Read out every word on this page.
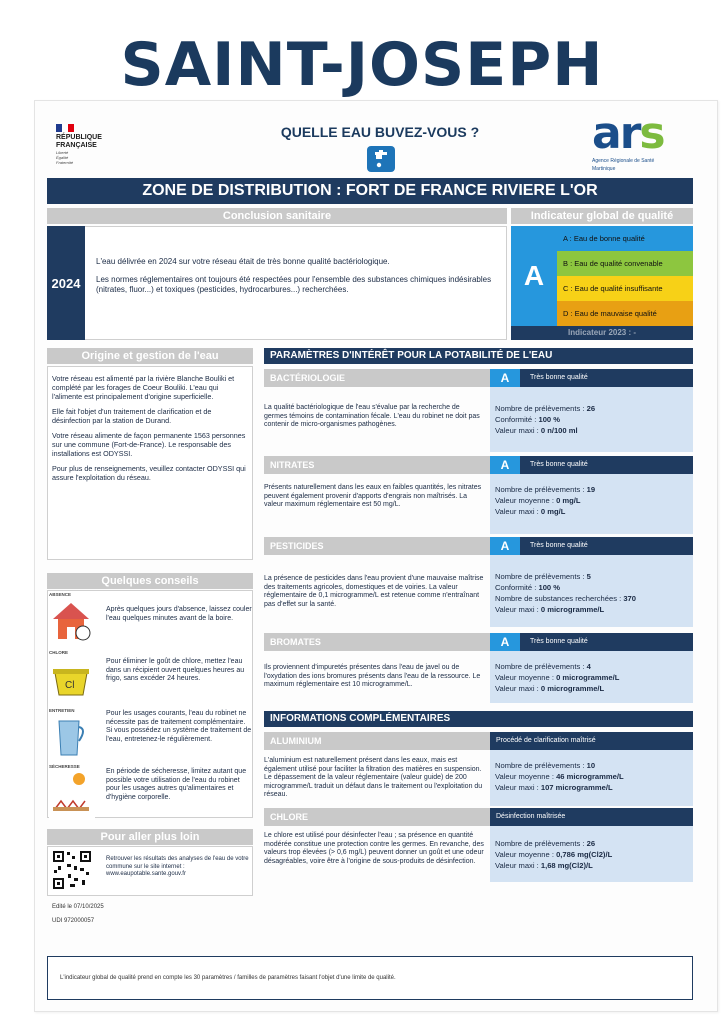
SAINT-JOSEPH
RÉPUBLIQUE
FRANÇAISE
Liberté
Égalité
Fraternité
QUELLE EAU BUVEZ-VOUS ?	ars
Agence Régionale de Santé
Martinique
ZONE DE DISTRIBUTION : FORT DE FRANCE RIVIERE L'OR
Conclusion sanitaire	Indicateur global de qualité
2024

L'eau délivrée en 2024 sur votre réseau était de très bonne qualité bactériologique.

Les normes réglementaires ont toujours été respectées pour l'ensemble des substances chimiques indésirables (nitrates, fluor...) et toxiques (pesticides, hydrocarbures...) recherchées.	A
A : Eau de bonne qualité
B : Eau de qualité convenable
C : Eau de qualité insuffisante
D : Eau de mauvaise qualité
Indicateur 2023 : -
Origine et gestion de l'eau

Votre réseau est alimenté par la rivière Blanche Bouliki et complété par les forages de Coeur Bouliki. L'eau qui l'alimente est principalement d'origine superficielle.

Elle fait l'objet d'un traitement de clarification et de désinfection par la station de Durand.

Votre réseau alimente de façon permanente 1563 personnes sur une commune (Fort-de-France). Le responsable des installations est ODYSSI.

Pour plus de renseignements, veuillez contacter ODYSSI qui assure l'exploitation du réseau.

Quelques conseils
ABSENCE
Après quelques jours d'absence, laissez couler l'eau quelques minutes avant de la boire.
CHLORE
Cl
Pour éliminer le goût de chlore, mettez l'eau dans un récipient ouvert quelques heures au frigo, sans excéder 24 heures.
ENTRETIEN	Pour les usages courants, l'eau du robinet ne nécessite pas de traitement complémentaire. Si vous possédez un système de traitement de l'eau, entretenez-le régulièrement.
SÉCHERESSE
En période de sécheresse, limitez autant que possible votre utilisation de l'eau du robinet pour les usages autres qu'alimentaires et d'hygiène corporelle.
Pour aller plus loin
Retrouver les résultats des analyses de l'eau de votre commune sur le site internet : www.eaupotable.sante.gouv.fr
Edité le 07/10/2025
UDI 972000057
PARAMÈTRES D'INTÉRÊT POUR LA POTABILITÉ DE L'EAU
BACTÉRIOLOGIE	A	Très bonne qualité
La qualité bactériologique de l'eau s'évalue par la recherche de germes témoins de contamination fécale. L'eau du robinet ne doit pas contenir de micro-organismes pathogènes.
Nombre de prélèvements : 26
Conformité : 100 %
Valeur maxi : 0 n/100 ml
NITRATES	A	Très bonne qualité
Présents naturellement dans les eaux en faibles quantités, les nitrates peuvent également provenir d'apports d'engrais non maîtrisés. La valeur maximum réglementaire est 50 mg/L.
Nombre de prélèvements : 19
Valeur moyenne : 0 mg/L
Valeur maxi : 0 mg/L
PESTICIDES	A	Très bonne qualité
La présence de pesticides dans l'eau provient d'une mauvaise maîtrise des traitements agricoles, domestiques et de voiries. La valeur réglementaire de 0,1 microgramme/L est retenue comme n'entraînant pas d'effet sur la santé.
Nombre de prélèvements : 5
Conformité : 100 %
Nombre de substances recherchées : 370
Valeur maxi : 0 microgramme/L
BROMATES	A	Très bonne qualité
Ils proviennent d'impuretés présentes dans l'eau de javel ou de l'oxydation des ions bromures présents dans l'eau de la ressource. Le maximum réglementaire est 10 microgramme/L.
Nombre de prélèvements : 4
Valeur moyenne : 0 microgramme/L
Valeur maxi : 0 microgramme/L
INFORMATIONS COMPLÉMENTAIRES
ALUMINIUM	Procédé de clarification maîtrisé
L'aluminium est naturellement présent dans les eaux, mais est également utilisé pour faciliter la filtration des matières en suspension. Le dépassement de la valeur réglementaire (valeur guide) de 200 microgramme/L traduit un défaut dans le traitement ou l'exploitation du réseau.
Nombre de prélèvements : 10
Valeur moyenne : 46 microgramme/L
Valeur maxi : 107 microgramme/L
CHLORE	Désinfection maîtrisée
Le chlore est utilisé pour désinfecter l'eau ; sa présence en quantité modérée constitue une protection contre les germes. En revanche, des valeurs trop élevées (> 0,6 mg/L) peuvent donner un goût et une odeur désagréables, voire être à l'origine de sous-produits de désinfection.
Nombre de prélèvements : 26
Valeur moyenne : 0,786 mg(Cl2)/L
Valeur maxi : 1,68 mg(Cl2)/L
L'indicateur global de qualité prend en compte les 30 paramètres / familles de paramètres faisant l'objet d'une limite de qualité.
